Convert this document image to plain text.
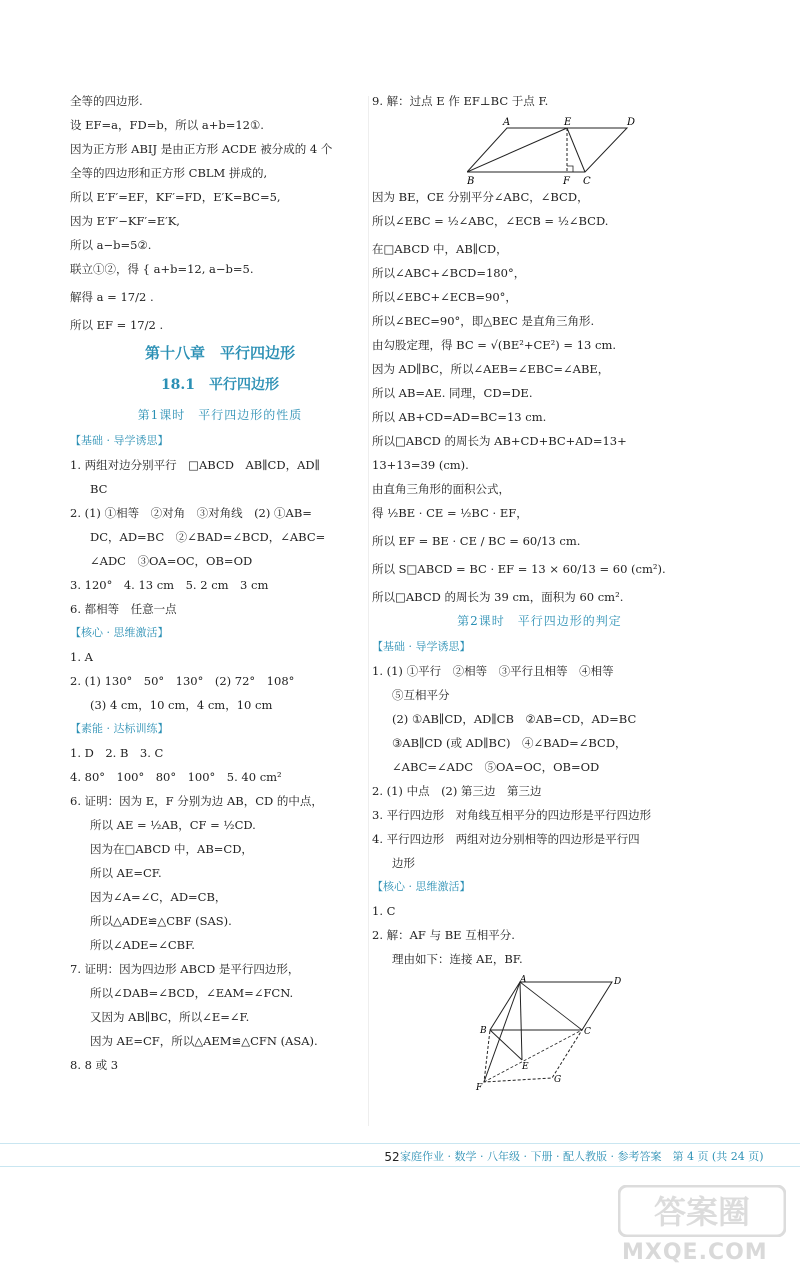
全等的四边形.
设 EF=a，FD=b，所以 a+b=12①.
因为正方形 ABIJ 是由正方形 ACDE 被分成的 4 个
全等的四边形和正方形 CBLM 拼成的,
所以 E′F′=EF，KF′=FD，E′K=BC=5,
因为 E′F′−KF′=E′K,
所以 a−b=5②.
联立①②，得 { a+b=12, a−b=5.
解得 a = 17/2 .
所以 EF = 17/2 .
第十八章　平行四边形
18.1　平行四边形
第1课时　平行四边形的性质
【基础 · 导学诱思】
1. 两组对边分别平行　□ABCD　AB∥CD，AD∥
BC
2. (1) ①相等　②对角　③对角线　(2) ①AB=
DC，AD=BC　②∠BAD=∠BCD，∠ABC=
∠ADC　③OA=OC，OB=OD
3. 120°　4. 13 cm　5. 2 cm　3 cm
6. 都相等　任意一点
【核心 · 思维激活】
1. A
2. (1) 130°　50°　130°　(2) 72°　108°
(3) 4 cm，10 cm，4 cm，10 cm
【素能 · 达标训练】
1. D　2. B　3. C
4. 80°　100°　80°　100°　5. 40 cm²
6. 证明：因为 E，F 分别为边 AB，CD 的中点，
所以 AE = ½AB，CF = ½CD.
因为在□ABCD 中，AB=CD，
所以 AE=CF.
因为∠A=∠C，AD=CB，
所以△ADE≌△CBF (SAS).
所以∠ADE=∠CBF.
7. 证明：因为四边形 ABCD 是平行四边形，
所以∠DAB=∠BCD，∠EAM=∠FCN.
又因为 AB∥BC，所以∠E=∠F.
因为 AE=CF，所以△AEM≌△CFN (ASA).
8. 8 或 3
9. 解：过点 E 作 EF⊥BC 于点 F.
A	E	D
B	F C
因为 BE，CE 分别平分∠ABC，∠BCD，
所以∠EBC = ½∠ABC，∠ECB = ½∠BCD.
在□ABCD 中，AB∥CD，
所以∠ABC+∠BCD=180°，
所以∠EBC+∠ECB=90°，
所以∠BEC=90°，即△BEC 是直角三角形.
由勾股定理，得 BC = √(BE²+CE²) = 13 cm.
因为 AD∥BC，所以∠AEB=∠EBC=∠ABE，
所以 AB=AE. 同理，CD=DE.
所以 AB+CD=AD=BC=13 cm.
所以□ABCD 的周长为 AB+CD+BC+AD=13+
13+13=39 (cm).
由直角三角形的面积公式，
得 ½BE · CE = ½BC · EF，
所以 EF = BE · CE / BC = 60/13 cm.
所以 S□ABCD = BC · EF = 13 × 60/13 = 60 (cm²).
所以□ABCD 的周长为 39 cm，面积为 60 cm².
第2课时　平行四边形的判定
【基础 · 导学诱思】
1. (1) ①平行　②相等　③平行且相等　④相等
⑤互相平分
(2) ①AB∥CD，AD∥CB　②AB=CD，AD=BC
③AB∥CD (或 AD∥BC)　④∠BAD=∠BCD，
∠ABC=∠ADC　⑤OA=OC，OB=OD
2. (1) 中点　(2) 第三边　第三边
3. 平行四边形　对角线互相平分的四边形是平行四边形
4. 平行四边形　两组对边分别相等的四边形是平行四
边形
【核心 · 思维激活】
1. C
2. 解：AF 与 BE 互相平分.
理由如下：连接 AE，BF.
A	D
B	C
E
G
F
家庭作业 · 数学 · 八年级 · 下册 · 配人教版 · 参考答案　第 4 页 (共 24 页)
52
答案圈
MXQE.COM
